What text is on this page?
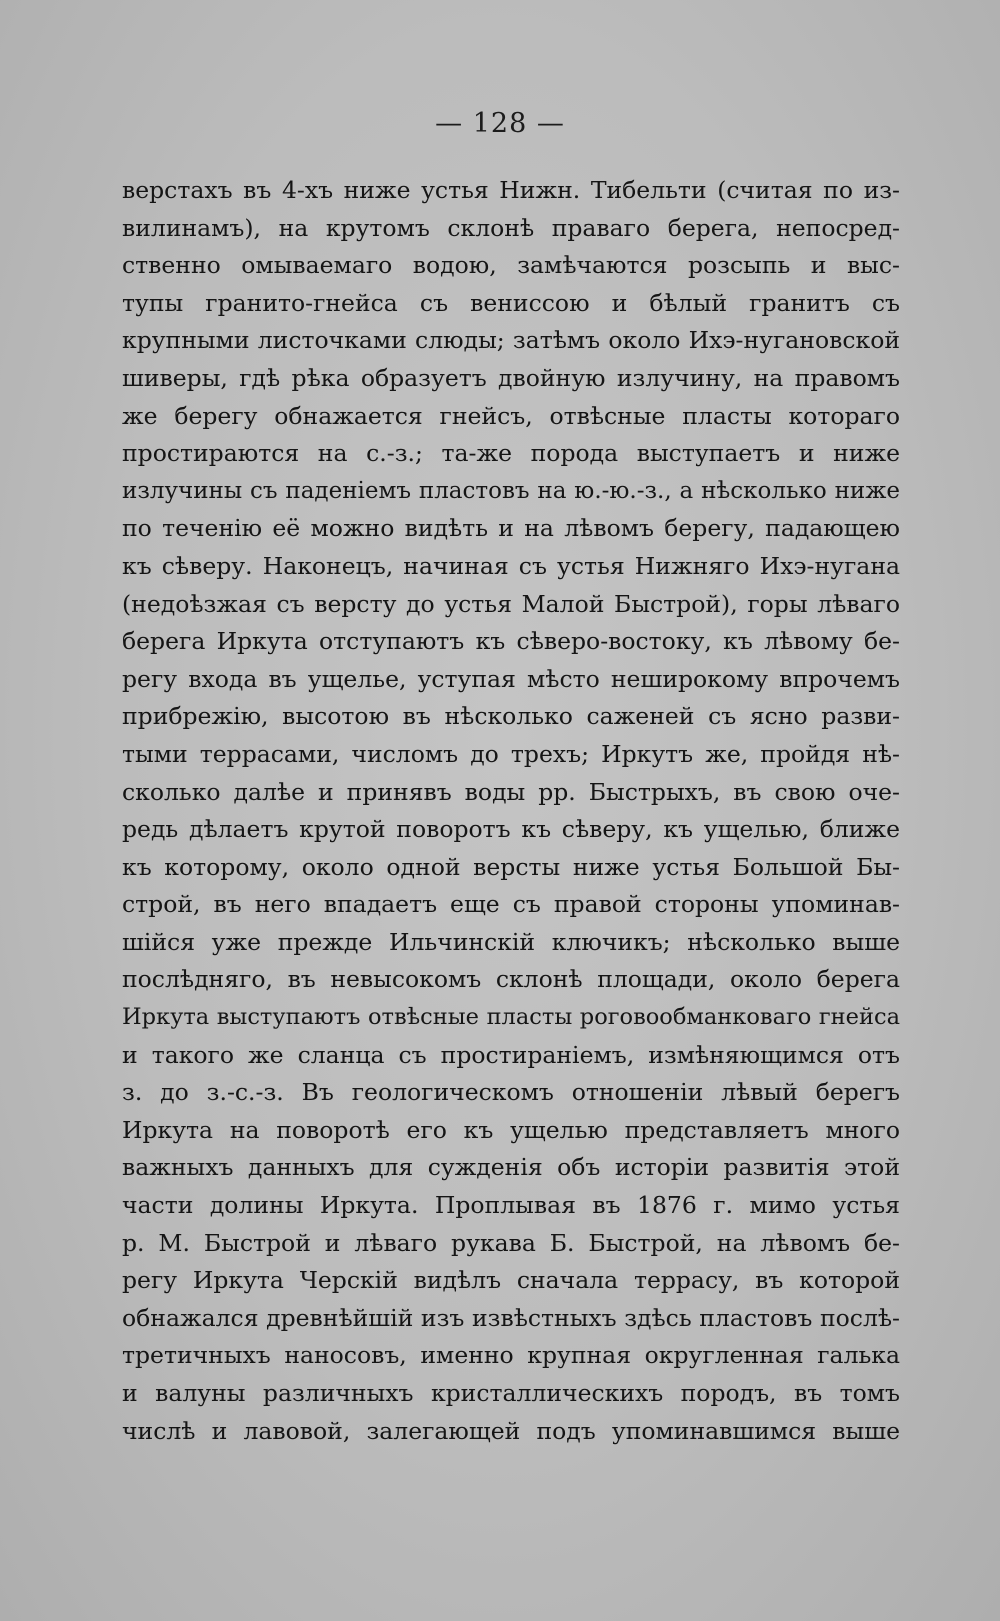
— 128 —
верстахъ въ 4-хъ ниже устья Нижн. Тибельти (считая по из-
вилинамъ), на крутомъ склонѣ праваго берега, непосред-
ственно омываемаго водою, замѣчаются розсыпь и выс-
тупы гранито-гнейса съ вениссою и бѣлый гранитъ съ
крупными листочками слюды; затѣмъ около Ихэ-нугановской
шиверы, гдѣ рѣка образуетъ двойную излучину, на правомъ
же берегу обнажается гнейсъ, отвѣсные пласты котораго
простираются на с.-з.; та-же порода выступаетъ и ниже
излучины съ паденіемъ пластовъ на ю.-ю.-з., а нѣсколько ниже
по теченію её можно видѣть и на лѣвомъ берегу, падающею
къ сѣверу. Наконецъ, начиная съ устья Нижняго Ихэ-нугана
(недоѣзжая съ версту до устья Малой Быстрой), горы лѣваго
берега Иркута отступаютъ къ сѣверо-востоку, къ лѣвому бе-
регу входа въ ущелье, уступая мѣсто неширокому впрочемъ
прибрежію, высотою въ нѣсколько саженей съ ясно разви-
тыми террасами, числомъ до трехъ; Иркутъ же, пройдя нѣ-
сколько далѣе и принявъ воды рр. Быстрыхъ, въ свою оче-
редь дѣлаетъ крутой поворотъ къ сѣверу, къ ущелью, ближе
къ которому, около одной версты ниже устья Большой Бы-
строй, въ него впадаетъ еще съ правой стороны упоминав-
шійся уже прежде Ильчинскій ключикъ; нѣсколько выше
послѣдняго, въ невысокомъ склонѣ площади, около берега
Иркута выступаютъ отвѣсные пласты роговообманковаго гнейса
и такого же сланца съ простираніемъ, измѣняющимся отъ
з. до з.-с.-з. Въ геологическомъ отношеніи лѣвый берегъ
Иркута на поворотѣ его къ ущелью представляетъ много
важныхъ данныхъ для сужденія объ исторіи развитія этой
части долины Иркута. Проплывая въ 1876 г. мимо устья
р. М. Быстрой и лѣваго рукава Б. Быстрой, на лѣвомъ бе-
регу Иркута Черскій видѣлъ сначала террасу, въ которой
обнажался древнѣйшій изъ извѣстныхъ здѣсь пластовъ послѣ-
третичныхъ наносовъ, именно крупная округленная галька
и валуны различныхъ кристаллическихъ породъ, въ томъ
числѣ и лавовой, залегающей подъ упоминавшимся выше
